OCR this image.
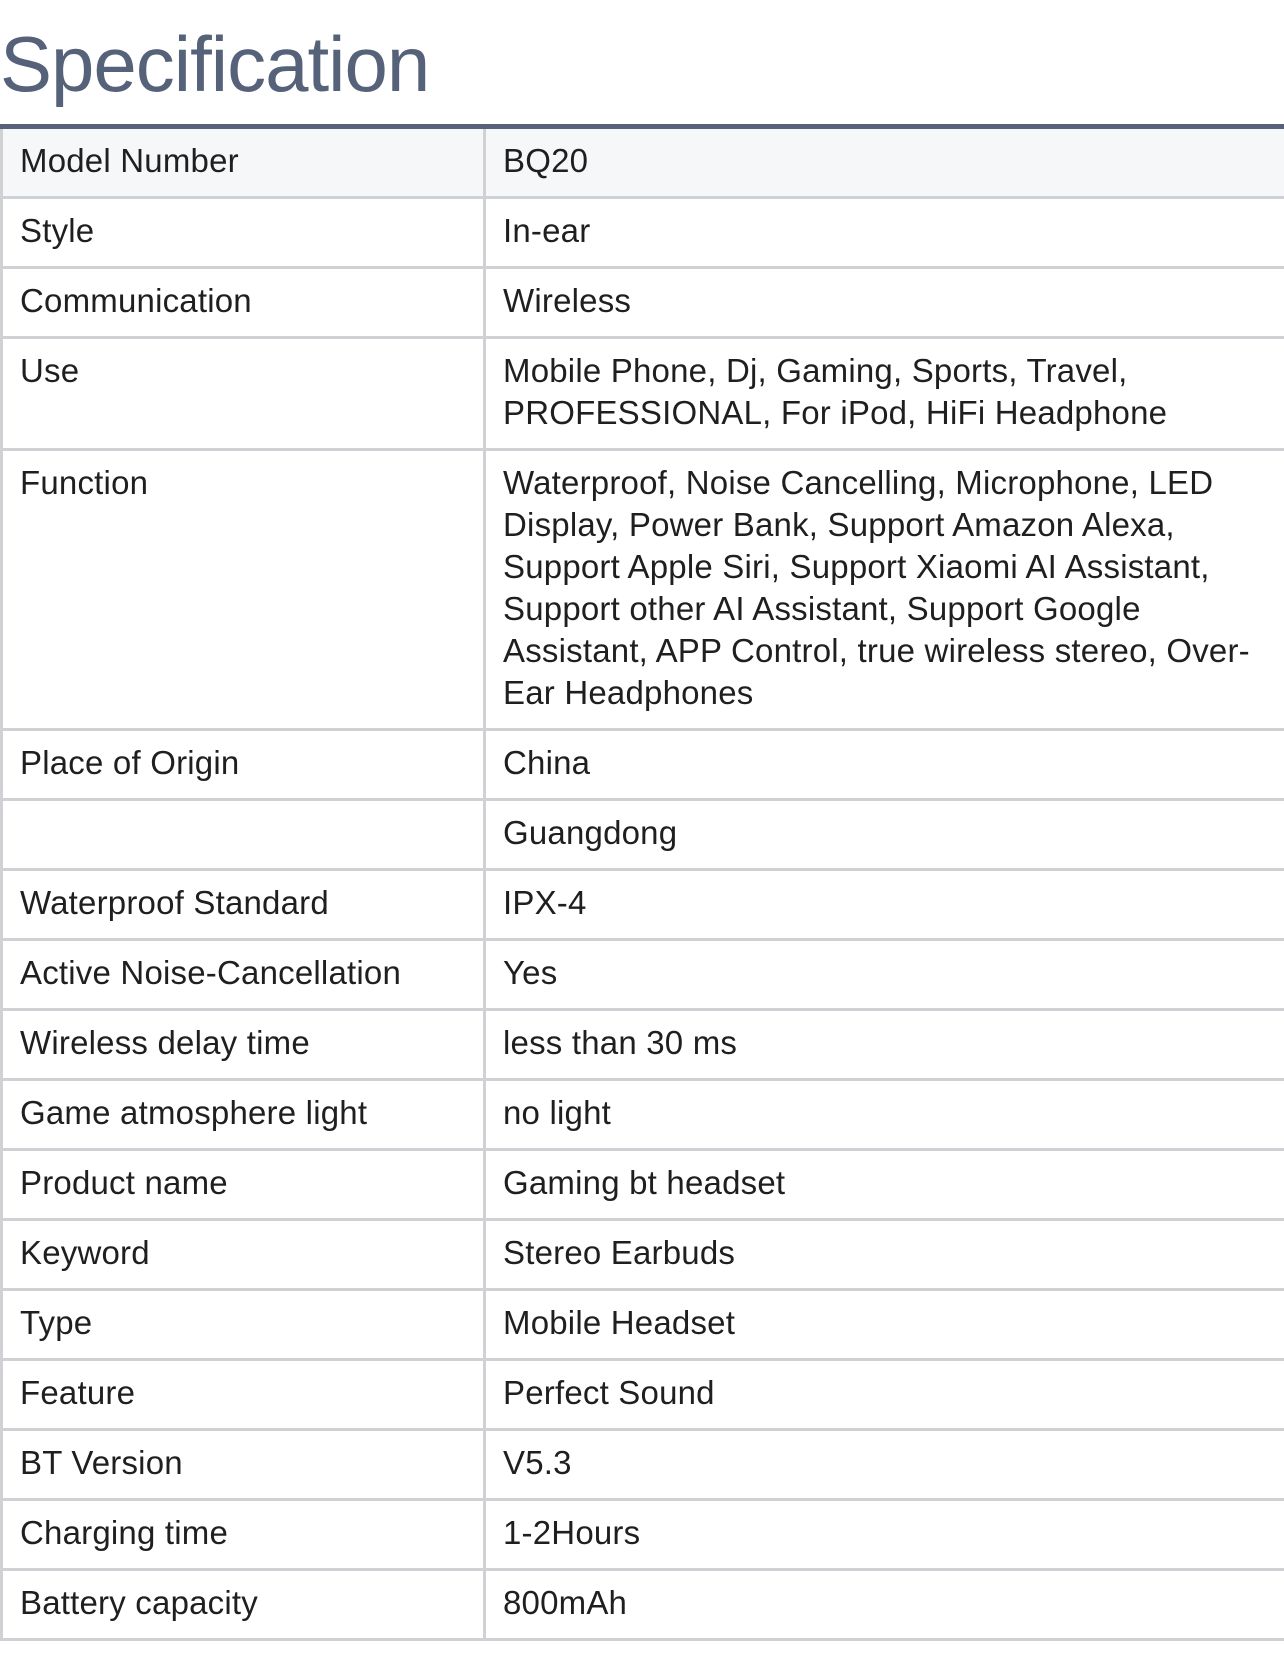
Specification
Model Number	BQ20
Style	In-ear
Communication	Wireless
Use	Mobile Phone, Dj, Gaming, Sports, Travel, PROFESSIONAL, For iPod, HiFi Headphone
Function	Waterproof, Noise Cancelling, Microphone, LED Display, Power Bank, Support Amazon Alexa, Support Apple Siri, Support Xiaomi AI Assistant, Support other AI Assistant, Support Google Assistant, APP Control, true wireless stereo, Over-Ear Headphones
Place of Origin	China
	Guangdong
Waterproof Standard	IPX-4
Active Noise-Cancellation	Yes
Wireless delay time	less than 30 ms
Game atmosphere light	no light
Product name	Gaming bt headset
Keyword	Stereo Earbuds
Type	Mobile Headset
Feature	Perfect Sound
BT Version	V5.3
Charging time	1-2Hours
Battery capacity	800mAh
